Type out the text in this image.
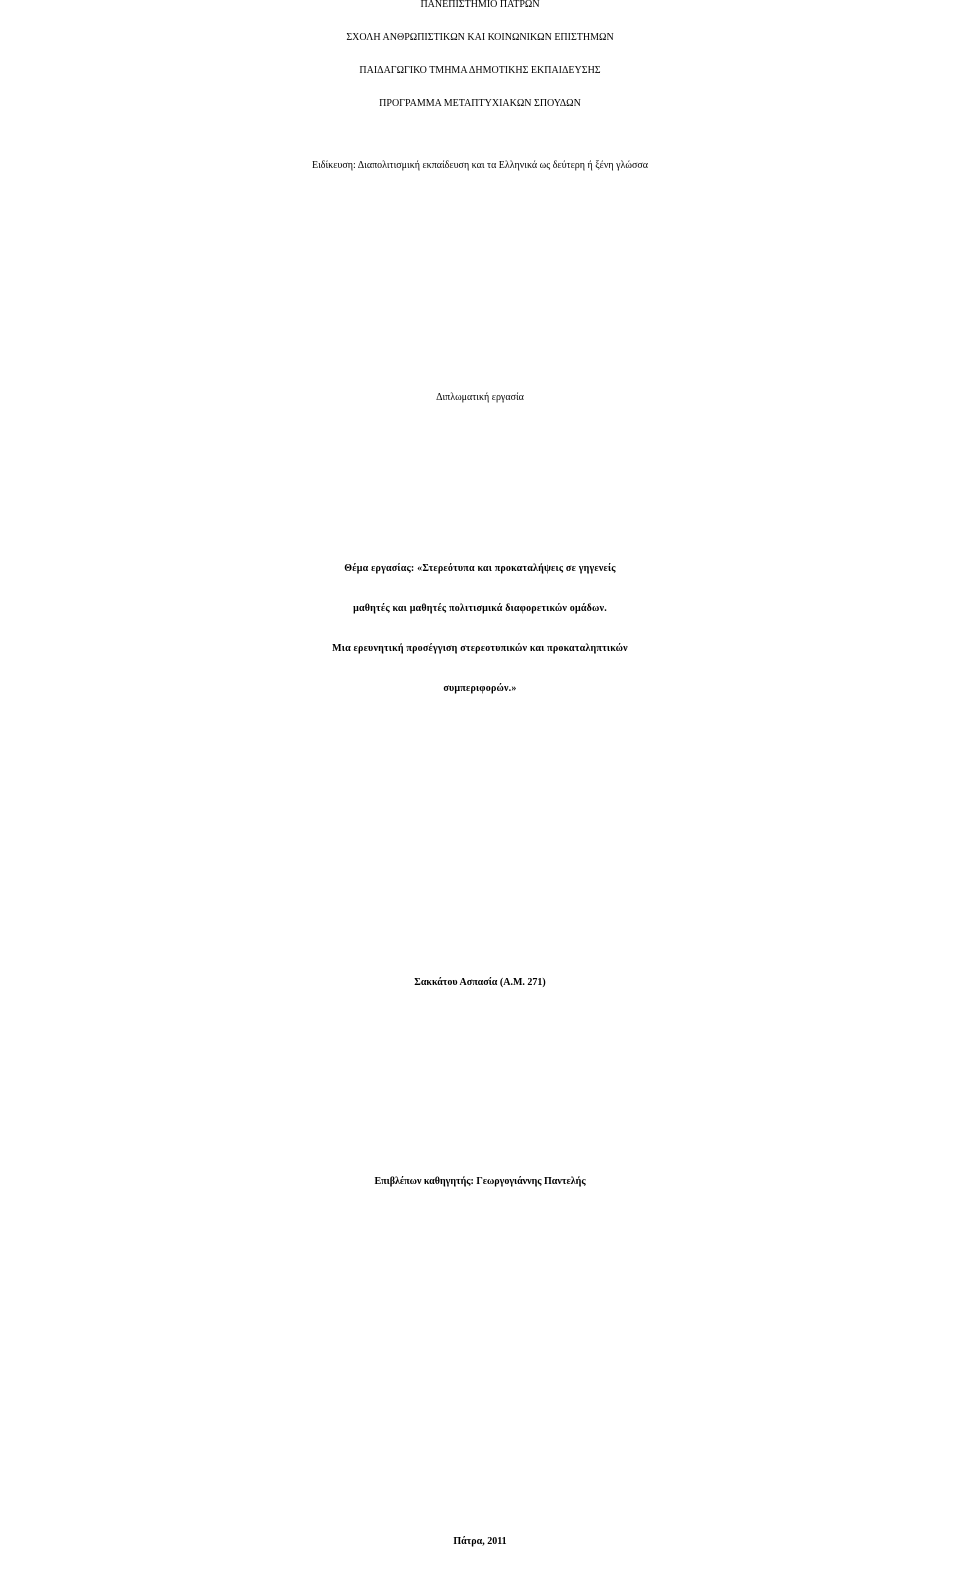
ΠΑΝΕΠΙΣΤΗΜΙΟ ΠΑΤΡΩΝ
ΣΧΟΛΗ ΑΝΘΡΩΠΙΣΤΙΚΩΝ ΚΑΙ ΚΟΙΝΩΝΙΚΩΝ ΕΠΙΣΤΗΜΩΝ
ΠΑΙΔΑΓΩΓΙΚΟ ΤΜΗΜΑ ΔΗΜΟΤΙΚΗΣ ΕΚΠΑΙΔΕΥΣΗΣ
ΠΡΟΓΡΑΜΜΑ ΜΕΤΑΠΤΥΧΙΑΚΩΝ ΣΠΟΥΔΩΝ
Ειδίκευση: Διαπολιτισμική εκπαίδευση και τα Ελληνικά ως δεύτερη ή ξένη γλώσσα
Διπλωματική εργασία
Θέμα εργασίας: «Στερεότυπα και προκαταλήψεις σε γηγενείς
μαθητές και μαθητές πολιτισμικά διαφορετικών ομάδων.
Μια ερευνητική προσέγγιση στερεοτυπικών και προκαταληπτικών
συμπεριφορών.»
Σακκάτου Ασπασία (Α.Μ. 271)
Επιβλέπων καθηγητής: Γεωργογιάννης Παντελής
Πάτρα, 2011
